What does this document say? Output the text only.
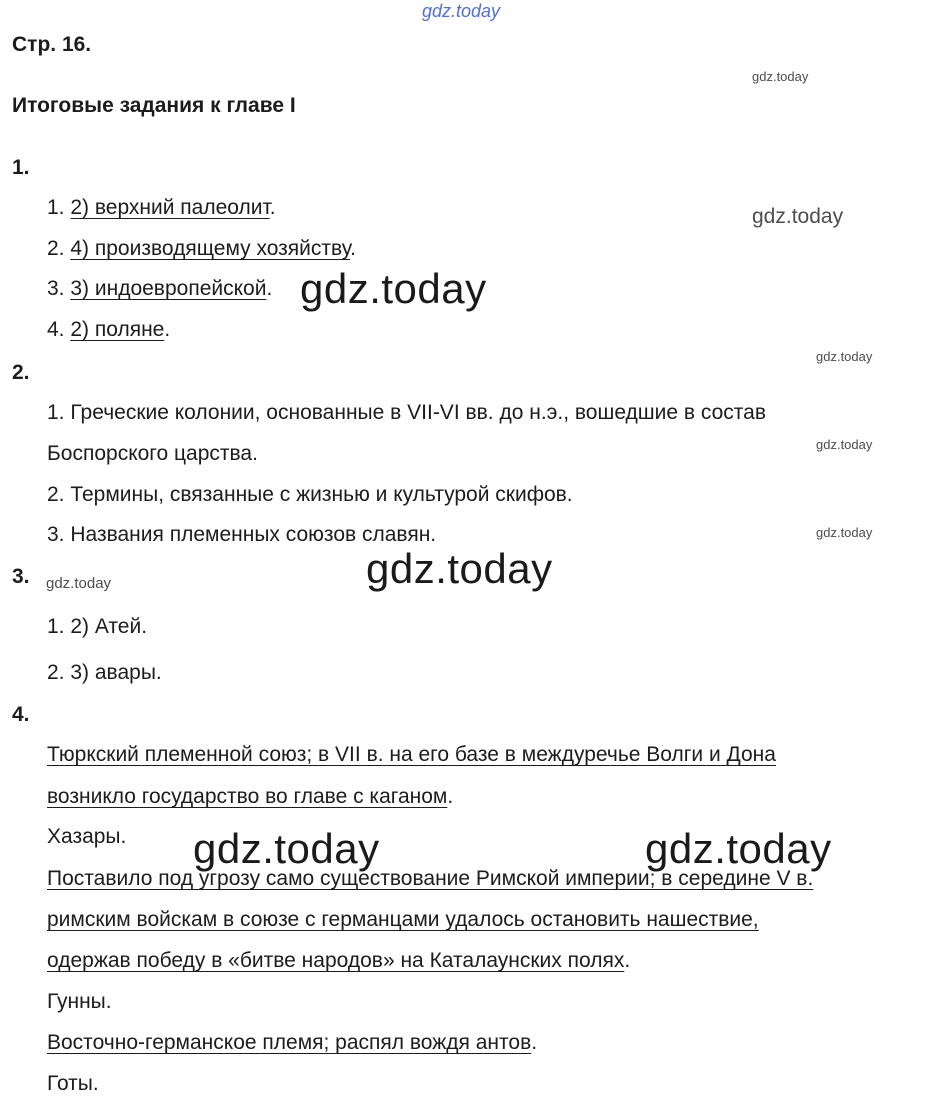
gdz.today
gdz.today
gdz.today
gdz.today
gdz.today
gdz.today
gdz.today
gdz.today
gdz.today
gdz.today	gdz.today
Стр. 16.
Итоговые задания к главе I
1.
1. 2) верхний палеолит.
2. 4) производящему хозяйству.
3. 3) индоевропейской.
4. 2) поляне.
2.
1. Греческие колонии, основанные в VII-VI вв. до н.э., вошедшие в состав
Боспорского царства.
2. Термины, связанные с жизнью и культурой скифов.
3. Названия племенных союзов славян.
3.
1. 2) Атей.
2. 3) авары.
4.
Тюркский племенной союз; в VII в. на его базе в междуречье Волги и Дона
возникло государство во главе с каганом.
Хазары.
Поставило под угрозу само существование Римской империи; в середине V в.
римским войскам в союзе с германцами удалось остановить нашествие,
одержав победу в «битве народов» на Каталаунских полях.
Гунны.
Восточно-германское племя; распял вождя антов.
Готы.
